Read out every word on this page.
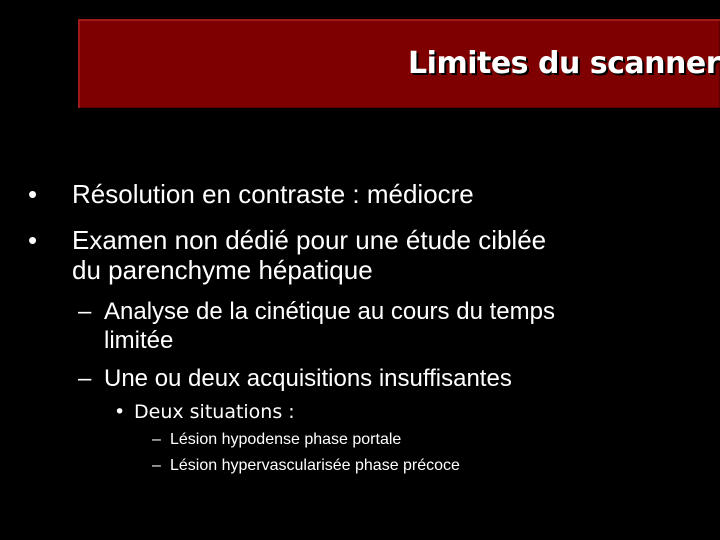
Limites du scanner
• Résolution en contraste : médiocre
• Examen non dédié pour une étude ciblée
du parenchyme hépatique
– Analyse de la cinétique au cours du temps
limitée
– Une ou deux acquisitions insuffisantes
• Deux situations :
– Lésion hypodense phase portale
– Lésion hypervascularisée phase précoce
